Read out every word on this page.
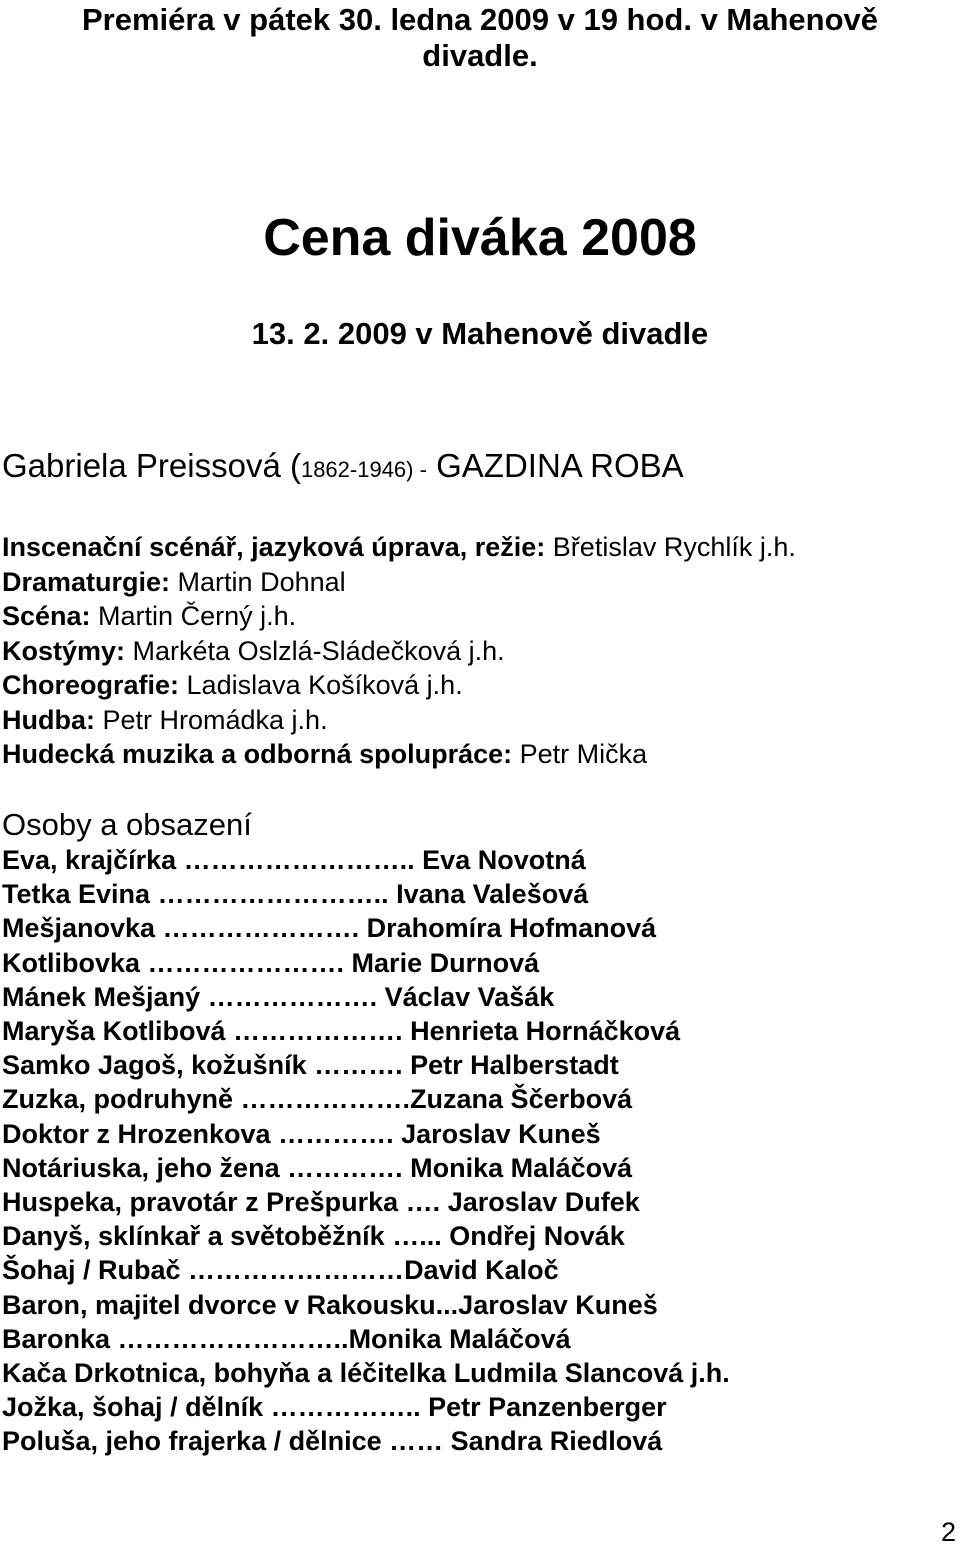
Premiéra v pátek 30. ledna 2009 v 19 hod. v Mahenově
divadle.
Cena diváka 2008
13. 2. 2009 v Mahenově divadle
Gabriela Preissová (1862-1946) - GAZDINA ROBA
Inscenační scénář, jazyková úprava, režie: Břetislav Rychlík j.h.
Dramaturgie: Martin Dohnal
Scéna: Martin Černý j.h.
Kostýmy: Markéta Oslzlá-Sládečková j.h.
Choreografie: Ladislava Košíková j.h.
Hudba: Petr Hromádka j.h.
Hudecká muzika a odborná spolupráce: Petr Mička
Osoby a obsazení
Eva, krajčírka …………………….. Eva Novotná
Tetka Evina …………………….. Ivana Valešová
Mešjanovka …………………. Drahomíra Hofmanová
Kotlibovka …………………. Marie Durnová
Mánek Mešjaný ………………. Václav Vašák
Maryša Kotlibová ………………. Henrieta Hornáčková
Samko Jagoš, kožušník ………. Petr Halberstadt
Zuzka, podruhyně ……………….Zuzana Ščerbová
Doktor z Hrozenkova …………. Jaroslav Kuneš
Notáriuska, jeho žena …………. Monika Maláčová
Huspeka, pravotár z Prešpurka …. Jaroslav Dufek
Danyš, sklínkař a světoběžník …... Ondřej Novák
Šohaj / Rubač ……………………David Kaloč
Baron, majitel dvorce v Rakousku...Jaroslav Kuneš
Baronka ……………………..Monika Maláčová
Kača Drkotnica, bohyňa a léčitelka Ludmila Slancová j.h.
Jožka, šohaj / dělník …………….. Petr Panzenberger
Poluša, jeho frajerka / dělnice …… Sandra Riedlová
2
